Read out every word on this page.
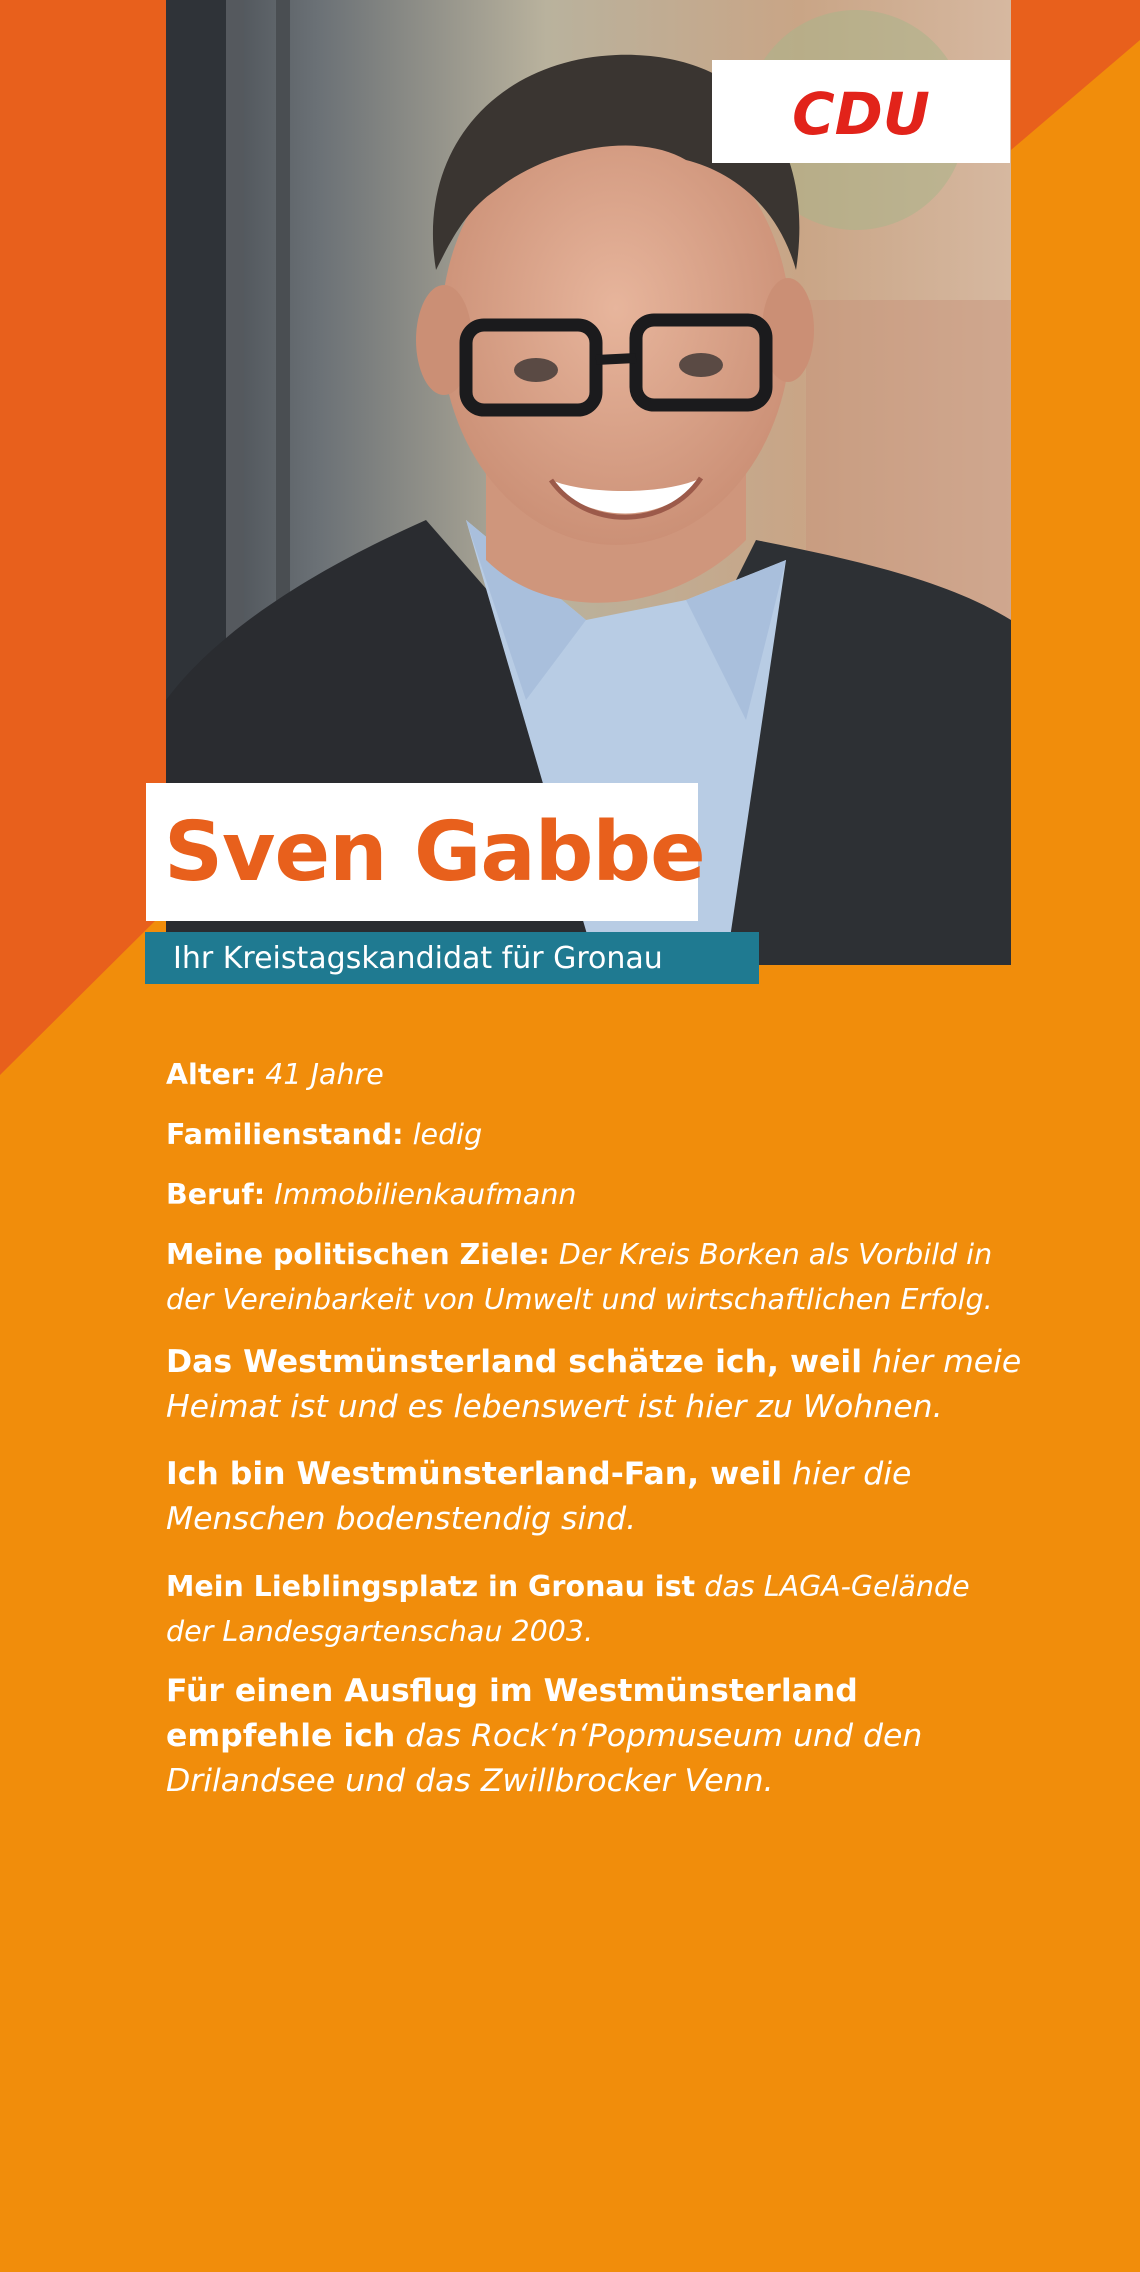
CDU
Sven Gabbe
Ihr Kreistagskandidat für Gronau

Alter: 41 Jahre

Familienstand: ledig

Beruf: Immobilienkaufmann

Meine politischen Ziele: Der Kreis Borken als Vorbild in der Vereinbarkeit von Umwelt und wirtschaftlichen Erfolg.

Das Westmünsterland schätze ich, weil hier meie Heimat ist und es lebenswert ist hier zu Wohnen.

Ich bin Westmünsterland-Fan, weil hier die Menschen bodenstendig sind.

Mein Lieblingsplatz in Gronau ist das LAGA-Gelände der Landesgartenschau 2003.

Für einen Ausflug im Westmünsterland empfehle ich das Rock‘n‘Popmuseum und den Drilandsee und das Zwillbrocker Venn.
